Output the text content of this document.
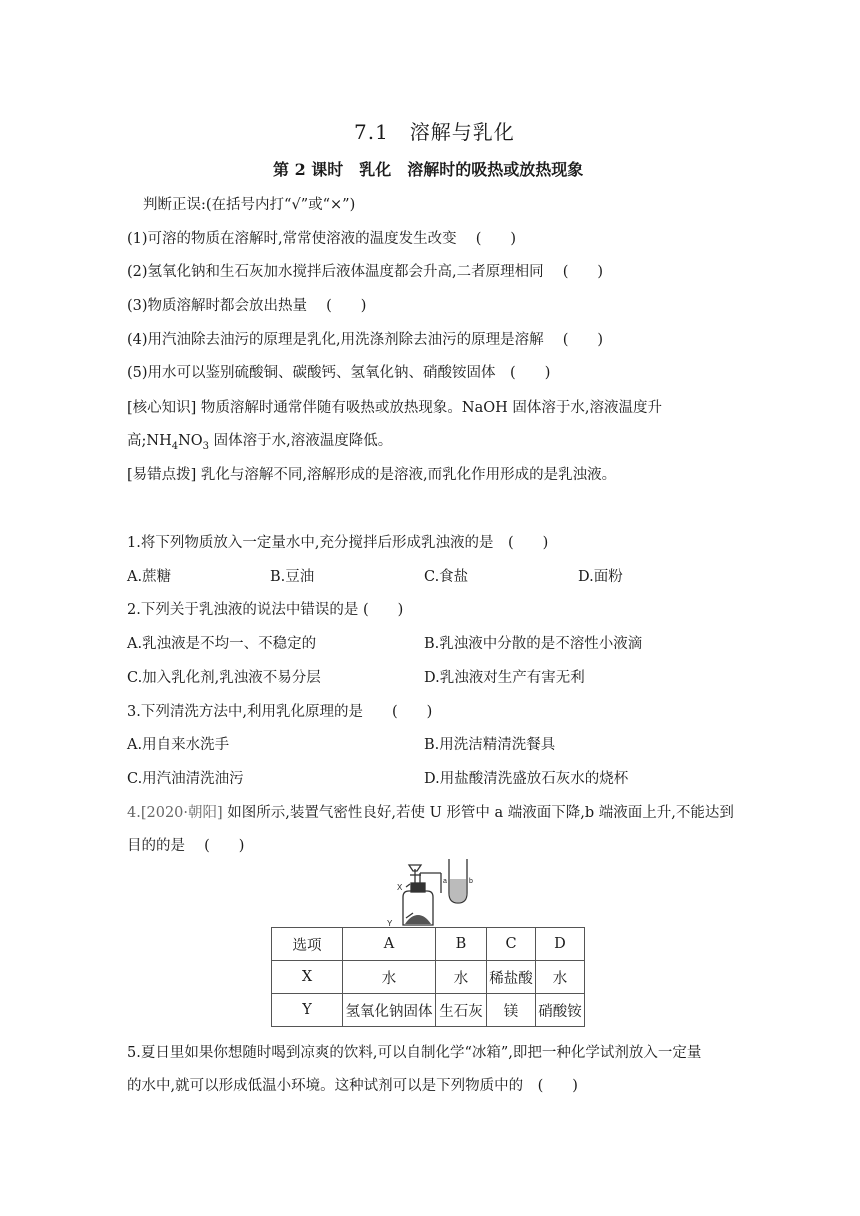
7.1　溶解与乳化
第 2 课时　乳化　溶解时的吸热或放热现象
判断正误:(在括号内打“√”或“×”)
(1)可溶的物质在溶解时,常常使溶液的温度发生改变　 (　　)
(2)氢氧化钠和生石灰加水搅拌后液体温度都会升高,二者原理相同　 (　　)
(3)物质溶解时都会放出热量　 (　　)
(4)用汽油除去油污的原理是乳化,用洗涤剂除去油污的原理是溶解　 (　　)
(5)用水可以鉴别硫酸铜、碳酸钙、氢氧化钠、硝酸铵固体　(　　)
[核心知识] 物质溶解时通常伴随有吸热或放热现象。NaOH 固体溶于水,溶液温度升
高$;NH_4NO_3$ 固体溶于水,溶液温度降低。
[易错点拨] 乳化与溶解不同,溶解形成的是溶液,而乳化作用形成的是乳浊液。
1.将下列物质放入一定量水中,充分搅拌后形成乳浊液的是　(　　)
A.蔗糖	B.豆油	C.食盐	D.面粉
2.下列关于乳浊液的说法中错误的是 (　　)
A.乳浊液是不均一、不稳定的	B.乳浊液中分散的是不溶性小液滴
C.加入乳化剂,乳浊液不易分层	D.乳浊液对生产有害无利
3.下列清洗方法中,利用乳化原理的是　　(　　)
A.用自来水洗手	B.用洗洁精清洗餐具
C.用汽油清洗油污	D.用盐酸清洗盛放石灰水的烧杯
4.[2020·朝阳] 如图所示,装置气密性良好,若使 U 形管中 a 端液面下降,b 端液面上升,不能达到
目的的是　 (　　)
X
Y
a	b
选项	A	B	C	D
X	水	水	稀盐酸	水
Y	氢氧化钠固体	生石灰	镁	硝酸铵
5.夏日里如果你想随时喝到凉爽的饮料,可以自制化学“冰箱”,即把一种化学试剂放入一定量
的水中,就可以形成低温小环境。这种试剂可以是下列物质中的　(　　)
